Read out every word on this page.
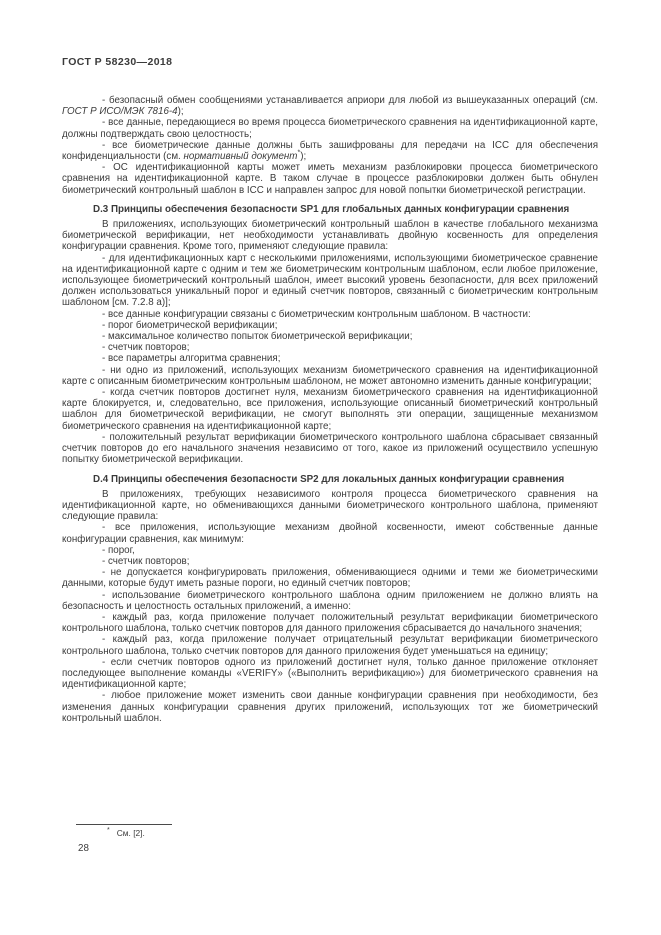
ГОСТ Р 58230—2018

- безопасный обмен сообщениями устанавливается априори для любой из вышеуказанных операций (см. ГОСТ Р ИСО/МЭК 7816-4);

- все данные, передающиеся во время процесса биометрического сравнения на идентификационной карте, должны подтверждать свою целостность;

- все биометрические данные должны быть зашифрованы для передачи на ICC для обеспечения конфиденциальности (см. нормативный документ*);

- ОС идентификационной карты может иметь механизм разблокировки процесса биометрического сравнения на идентификационной карте. В таком случае в процессе разблокировки должен быть обнулен биометрический контрольный шаблон в ICC и направлен запрос для новой попытки биометрической регистрации.

D.3 Принципы обеспечения безопасности SP1 для глобальных данных конфигурации сравнения

В приложениях, использующих биометрический контрольный шаблон в качестве глобального механизма биометрической верификации, нет необходимости устанавливать двойную косвенность для определения конфигурации сравнения. Кроме того, применяют следующие правила:

- для идентификационных карт с несколькими приложениями, использующими биометрическое сравнение на идентификационной карте с одним и тем же биометрическим контрольным шаблоном, если любое приложение, использующее биометрический контрольный шаблон, имеет высокий уровень безопасности, для всех приложений должен использоваться уникальный порог и единый счетчик повторов, связанный с биометрическим контрольным шаблоном [см. 7.2.8 а)];

- все данные конфигурации связаны с биометрическим контрольным шаблоном. В частности:

- порог биометрической верификации;

- максимальное количество попыток биометрической верификации;

- счетчик повторов;

- все параметры алгоритма сравнения;

- ни одно из приложений, использующих механизм биометрического сравнения на идентификационной карте с описанным биометрическим контрольным шаблоном, не может автономно изменить данные конфигурации;

- когда счетчик повторов достигнет нуля, механизм биометрического сравнения на идентификационной карте блокируется, и, следовательно, все приложения, использующие описанный биометрический контрольный шаблон для биометрической верификации, не смогут выполнять эти операции, защищенные механизмом биометрического сравнения на идентификационной карте;

- положительный результат верификации биометрического контрольного шаблона сбрасывает связанный счетчик повторов до его начального значения независимо от того, какое из приложений осуществило успешную попытку биометрической верификации.

D.4 Принципы обеспечения безопасности SP2 для локальных данных конфигурации сравнения

В приложениях, требующих независимого контроля процесса биометрического сравнения на идентификационной карте, но обменивающихся данными биометрического контрольного шаблона, применяют следующие правила:

- все приложения, использующие механизм двойной косвенности, имеют собственные данные конфигурации сравнения, как минимум:

- порог,

- счетчик повторов;

- не допускается конфигурировать приложения, обменивающиеся одними и теми же биометрическими данными, которые будут иметь разные пороги, но единый счетчик повторов;

- использование биометрического контрольного шаблона одним приложением не должно влиять на безопасность и целостность остальных приложений, а именно:

- каждый раз, когда приложение получает положительный результат верификации биометрического контрольного шаблона, только счетчик повторов для данного приложения сбрасывается до начального значения;

- каждый раз, когда приложение получает отрицательный результат верификации биометрического контрольного шаблона, только счетчик повторов для данного приложения будет уменьшаться на единицу;

- если счетчик повторов одного из приложений достигнет нуля, только данное приложение отклоняет последующее выполнение команды «VERIFY» («Выполнить верификацию») для биометрического сравнения на идентификационной карте;

- любое приложение может изменить свои данные конфигурации сравнения при необходимости, без изменения данных конфигурации сравнения других приложений, использующих тот же биометрический контрольный шаблон.

* См. [2].
28
